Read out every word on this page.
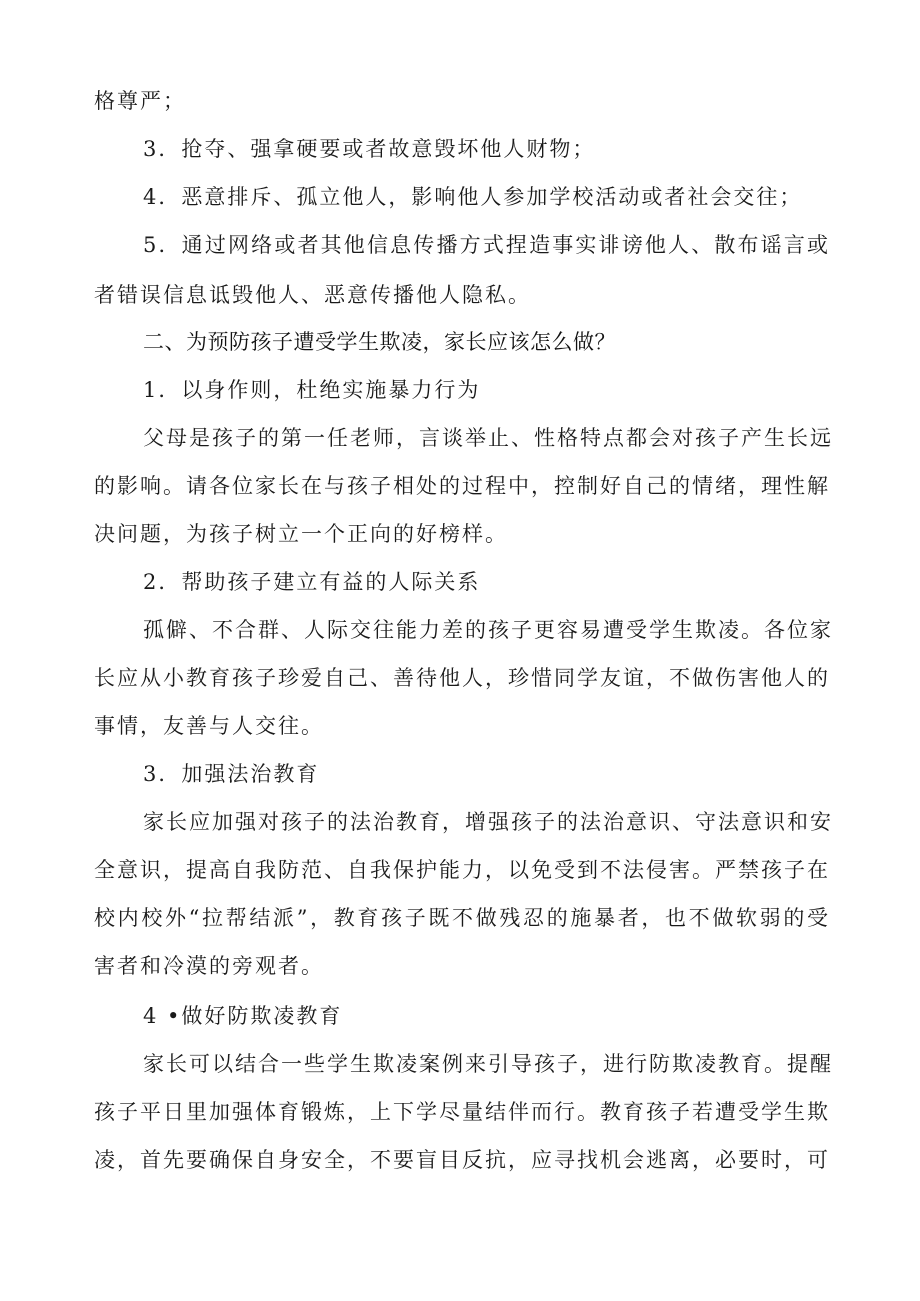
格尊严；
3．抢夺、强拿硬要或者故意毁坏他人财物；
4．恶意排斥、孤立他人，影响他人参加学校活动或者社会交往；
5．通过网络或者其他信息传播方式捏造事实诽谤他人、散布谣言或
者错误信息诋毁他人、恶意传播他人隐私。
二、为预防孩子遭受学生欺凌，家长应该怎么做？
1．以身作则，杜绝实施暴力行为
父母是孩子的第一任老师，言谈举止、性格特点都会对孩子产生长远
的影响。请各位家长在与孩子相处的过程中，控制好自己的情绪，理性解
决问题，为孩子树立一个正向的好榜样。
2．帮助孩子建立有益的人际关系
孤僻、不合群、人际交往能力差的孩子更容易遭受学生欺凌。各位家
长应从小教育孩子珍爱自己、善待他人，珍惜同学友谊，不做伤害他人的
事情，友善与人交往。
3．加强法治教育
家长应加强对孩子的法治教育，增强孩子的法治意识、守法意识和安
全意识，提高自我防范、自我保护能力，以免受到不法侵害。严禁孩子在
校内校外“拉帮结派”，教育孩子既不做残忍的施暴者，也不做软弱的受
害者和冷漠的旁观者。
4 •做好防欺凌教育
家长可以结合一些学生欺凌案例来引导孩子，进行防欺凌教育。提醒
孩子平日里加强体育锻炼，上下学尽量结伴而行。教育孩子若遭受学生欺
凌，首先要确保自身安全，不要盲目反抗，应寻找机会逃离，必要时，可
